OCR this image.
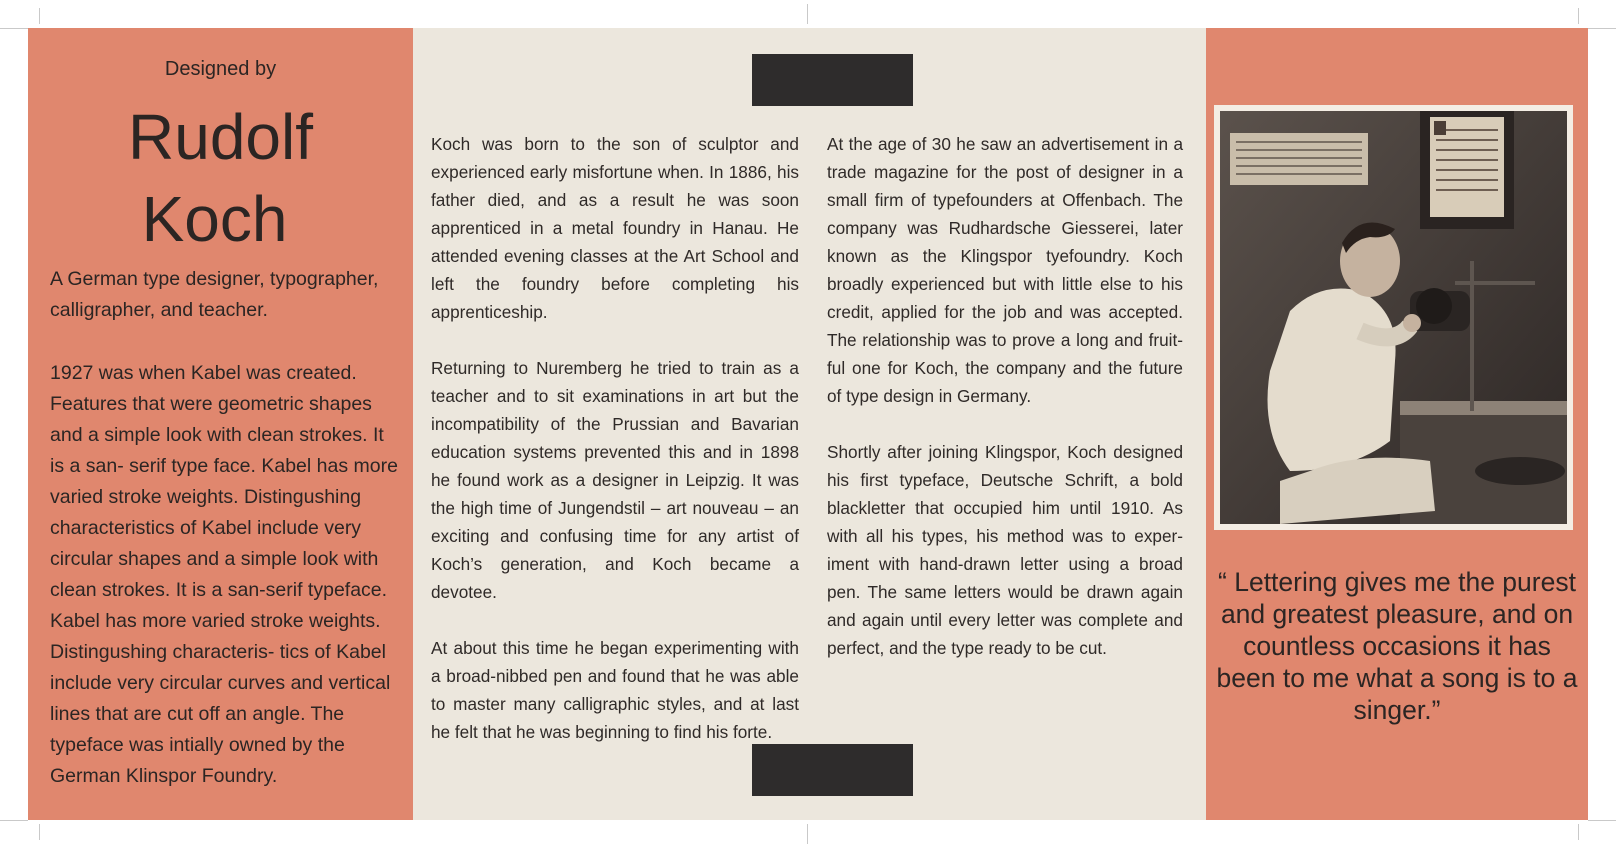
Designed by
Rudolf
Koch
A German type designer, typographer, calligrapher, and teacher.
1927 was when Kabel was created.
Features that were geometric shapes and a simple look with clean strokes. It is a san- serif type face. Kabel has more varied stroke weights. Distingushing characteristics of Kabel include very circular shapes and a simple look with clean strokes. It is a san-serif typeface. Kabel has more varied stroke weights. Distingushing characteris- tics of Kabel include very circular curves and vertical lines that are cut off an angle. The typeface was intially owned by the German Klinspor Foundry.

Koch was born to the son of sculptor and experienced early misfortune when. In 1886, his father died, and as a result he was soon apprenticed in a metal foundry in Hanau. He attended evening classes at the Art School and left the foundry before completing his apprenticeship.

Returning to Nuremberg he tried to train as a teacher and to sit examinations in art but the incompatibility of the Prussian and Bavarian education systems prevented this and in 1898 he found work as a designer in Leipzig. It was the high time of Jungendstil – art nouveau – an exciting and confusing time for any artist of Koch’s generation, and Koch became a devotee.

At about this time he began experimenting with a broad-nibbed pen and found that he was able to master many calligraphic styles, and at last he felt that he was beginning to find his forte.

At the age of 30 he saw an advertisement in a trade magazine for the post of designer in a small firm of typefounders at Offenbach. The company was Rudhardsche Giesserei, later known as the Klingspor tyefoundry. Koch broadly experienced but with little else to his credit, applied for the job and was accepted. The relationship was to prove a long and fruit- ful one for Koch, the company and the future of type design in Germany.

Shortly after joining Klingspor, Koch designed his first typeface, Deutsche Schrift, a bold blackletter that occupied him until 1910. As with all his types, his method was to exper- iment with hand-drawn letter using a broad pen. The same letters would be drawn again and again until every letter was complete and perfect, and the type ready to be cut.

“ Lettering gives me the purest and greatest pleasure, and on countless occasions it has been to me what a song is to a singer.”
